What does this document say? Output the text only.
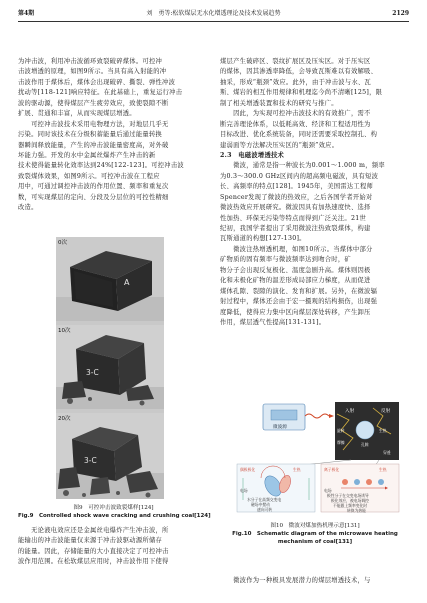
第4期	刘　勇等:松软煤层无水化增透理论及技术发展趋势	2129
为冲击波，利用冲击波循环致裂破碎煤体。可控冲
击波增透的原理，如图9所示。当具有高入射能的冲
击波作用于煤体后，煤体会出现破碎、撕裂、弹性冲波
扰动等[118-121]响应特征。在此基础上，重复运行冲击
波的驱动源，使得煤层产生疲劳效应，致使裂隙不断
扩展、贯通和丰富，从而实现煤层增透。
　　可控冲击波技术采用电物理方法，对地层几乎无
污染。同时该技术在分级积蓄能量后通过能量转换
器瞬间释放能量，产生的冲击波能量密度高，对外破
坏能力强。开发的水中金属丝爆炸产生冲击的新
技术使得能量转化效率达到24%[122-123]。可控冲击波
致裂煤体效果，如图9所示。可控冲击波在工程应
用中，可通过调控冲击波的作用位置、频率和重复次
数，可实现煤层的定向、分段及分层位的可控性精细
改造。
A
0次
3-C
10次
3-C
20次
图9　可控冲击波致裂煤样[124]
Fig.9　Controlled shock wave cracking and crushing coal[124]
　　无论液电效应还是金属丝电爆炸产生冲击波，所
能输出的冲击波能量仅来源于冲击波驱动源所储存
的能量。因此，存储能量的大小直接决定了可控冲击
波作用范围。在松软煤层应用时，冲击波作用下使得
煤层产生破碎区、裂纹扩展区及压实区。对于压实区
的煤体，因其渗透率降低，会导致瓦斯难以有效解吸、
抽采，形成“瓶颈”效应。此外，由于冲击波与水、瓦
斯、煤岩的相互作用规律和机理迄今尚不清晰[125]，限
制了相关增透装置和技术的研究与推广。
　　因此，为实现可控冲击波技术的有效推广，需不
断完善理论体系，以低耗高效、经济和工程适用性为
目标改进、优化系统装备，同时还需要采取控制孔、构
建弱面等方法解决压实区的“瓶颈”效应。
2.3　电磁波增透技术
　　微波，通常是指一种波长为0.001～1.000 m，频率
为0.3～300.0 GHz区间内的超高频电磁波，具有短波
长、高频率的特点[128]。1945年，美国雷达工程师
Spencer发现了微波的热效应，之后各国学者开始对
微波热效应开展研究。微波因具有加热速度快、选择
性加热、环保无污染等特点而得到广泛关注。21世
纪初，我国学者提出了采用微波注热致裂煤体，构建
瓦斯通道的构想[127-130]。
　　微波注热增透机理，如图10所示。当煤体中部分
矿物质的固有频率与微波频率达到吻合时，矿
物分子会出现反复极化、温度急剧升高。煤体则因极
化和未极化矿物的温差形成局部应力梯度，从而促进
煤体孔隙、裂隙的演化、发育和扩展。另外，在微波辐
射过程中，煤体还会由于宏一摄观的结构损伤，出现强
度降低，使得应力集中区向煤层深处转移，产生卸压
作用，煤层透气性提高[131-131]。
微波源
入射	反射
旋转	生热
摩擦	孔隙
穿透
偶极极化	生热
电场
水分子在高频交变电
磁场中摆动
速向可转
离子极化	生热
电场
极性分子在交变电场诱导
极化效应，被电场调控
不能跟上频率变化时
转换为热能
图10　微波对煤加热机理示意[131]
Fig.10　Schematic diagram of the microwave heating
mechanism of coal[131]
　　微波作为一种极具发展潜力的煤层增透技术，与
